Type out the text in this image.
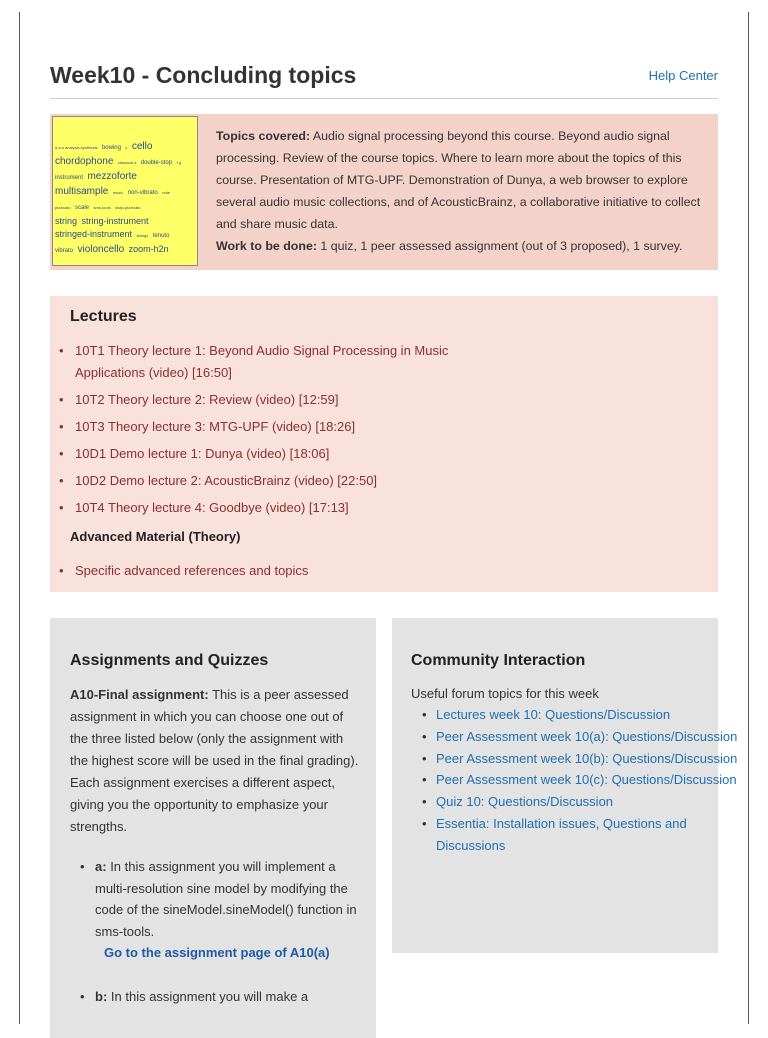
Week10 - Concluding topics	Help Center
a a a analysis-synthesis bowing c cello
chordophone classical d double-stop f g
instrument mezzoforte
multisample music non-vibrato note
pizzicato scale sms-tools snap-pizzicato
string string-instrument
stringed-instrument strings tenuto
vibrato violoncello zoom-h2n
Topics covered: Audio signal processing beyond this course. Beyond audio signal processing. Review of the course topics. Where to learn more about the topics of this course. Presentation of MTG-UPF. Demonstration of Dunya, a web browser to explore several audio music collections, and of AcousticBrainz, a collaborative initiative to collect and share music data.
Work to be done: 1 quiz, 1 peer assessed assignment (out of 3 proposed), 1 survey.
Lectures
• 10T1 Theory lecture 1: Beyond Audio Signal Processing in Music Applications (video) [16:50]
• 10T2 Theory lecture 2: Review (video) [12:59]
• 10T3 Theory lecture 3: MTG-UPF (video) [18:26]
• 10D1 Demo lecture 1: Dunya (video) [18:06]
• 10D2 Demo lecture 2: AcousticBrainz (video) [22:50]
• 10T4 Theory lecture 4: Goodbye (video) [17:13]
Advanced Material (Theory)
• Specific advanced references and topics
Assignments and Quizzes
A10-Final assignment: This is a peer assessed assignment in which you can choose one out of the three listed below (only the assignment with the highest score will be used in the final grading). Each assignment exercises a different aspect, giving you the opportunity to emphasize your strengths.
• a: In this assignment you will implement a multi-resolution sine model by modifying the code of the sineModel.sineModel() function in sms-tools.
Go to the assignment page of A10(a)
• b: In this assignment you will make a
Community Interaction
Useful forum topics for this week
• Lectures week 10: Questions/Discussion
• Peer Assessment week 10(a): Questions/Discussion
• Peer Assessment week 10(b): Questions/Discussion
• Peer Assessment week 10(c): Questions/Discussion
• Quiz 10: Questions/Discussion
• Essentia: Installation issues, Questions and Discussions
